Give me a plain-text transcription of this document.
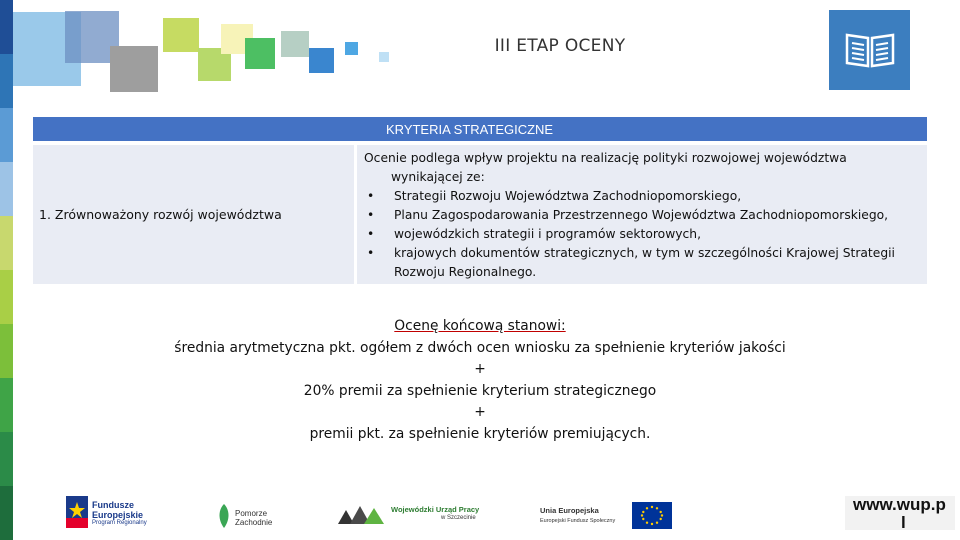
III ETAP OCENY
KRYTERIA STRATEGICZNE
1. Zrównoważony rozwój województwa

Ocenie podlega wpływ projektu na realizację polityki rozwojowej województwa
wynikającej ze:

• Strategii Rozwoju Województwa Zachodniopomorskiego,
• Planu Zagospodarowania Przestrzennego Województwa Zachodniopomorskiego,
• wojewódzkich strategii i programów sektorowych,
• krajowych dokumentów strategicznych, w tym w szczególności Krajowej Strategii Rozwoju Regionalnego.
Ocenę końcową stanowi:
średnia arytmetyczna pkt. ogółem z dwóch ocen wniosku za spełnienie kryteriów jakości
+
20% premii za spełnienie kryterium strategicznego
+
premii pkt. za spełnienie kryteriów premiujących.
Fundusze
Europejskie
Program Regionalny
Pomorze
Zachodnie
Wojewódzki Urząd Pracy
w Szczecinie
Unia Europejska
Europejski Fundusz Społeczny
www.wup.p
l
